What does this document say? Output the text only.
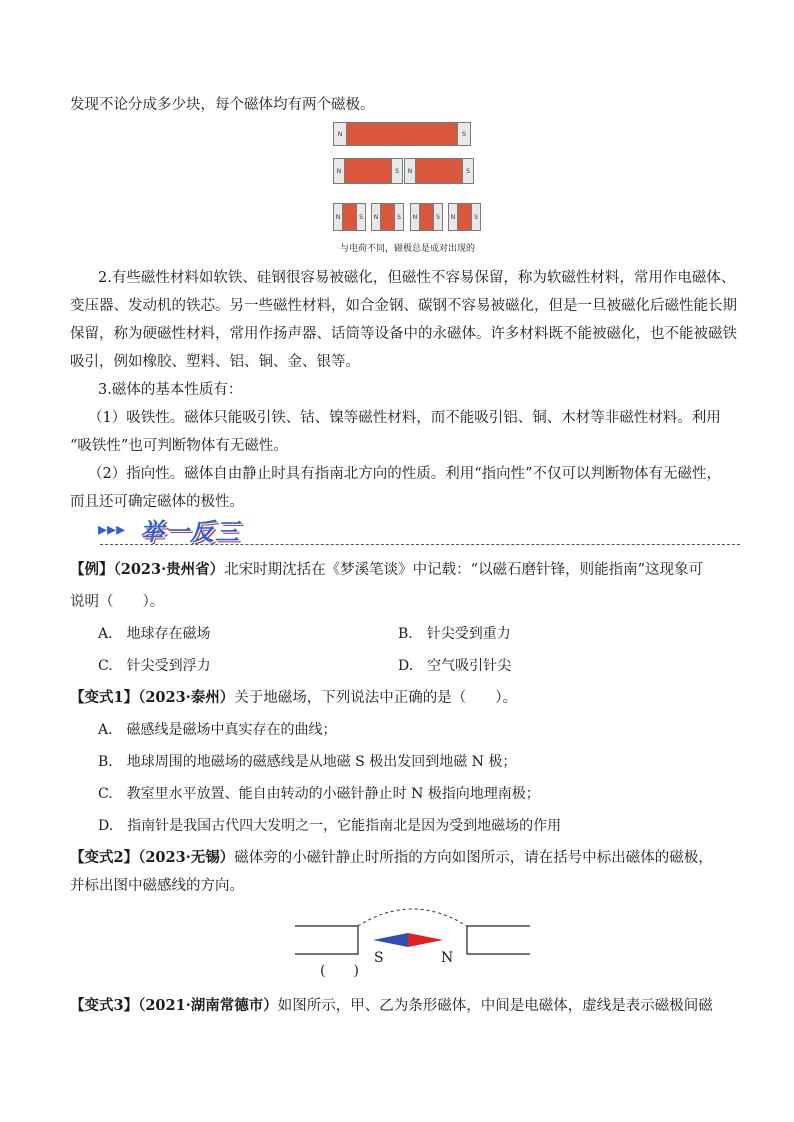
发现不论分成多少块，每个磁体均有两个磁极。
N	S
N	S	N	S
N	S	N	S	N	S	N	S
与电荷不同，磁极总是成对出现的
2.有些磁性材料如软铁、硅钢很容易被磁化，但磁性不容易保留，称为软磁性材料，常用作电磁体、
变压器、发动机的铁芯。另一些磁性材料，如合金钢、碳钢不容易被磁化，但是一旦被磁化后磁性能长期
保留，称为硬磁性材料，常用作扬声器、话筒等设备中的永磁体。许多材料既不能被磁化，也不能被磁铁
吸引，例如橡胶、塑料、铝、铜、金、银等。
3.磁体的基本性质有：
（1）吸铁性。磁体只能吸引铁、钴、镍等磁性材料，而不能吸引铝、铜、木材等非磁性材料。利用
“吸铁性”也可判断物体有无磁性。
（2）指向性。磁体自由静止时具有指南北方向的性质。利用“指向性”不仅可以判断物体有无磁性，
而且还可确定磁体的极性。
▸▸▸ 举一反三
【例】（2023·贵州省）北宋时期沈括在《梦溪笔谈》中记载：“以磁石磨针锋，则能指南”这现象可
说明（　　）。
A.　地球存在磁场	B.　针尖受到重力
C.　针尖受到浮力	D.　空气吸引针尖
【变式1】（2023·泰州）关于地磁场，下列说法中正确的是（　　）。
A.　磁感线是磁场中真实存在的曲线；
B.　地球周围的地磁场的磁感线是从地磁 S 极出发回到地磁 N 极；
C.　教室里水平放置、能自由转动的小磁针静止时 N 极指向地理南极；
D.　指南针是我国古代四大发明之一，它能指南北是因为受到地磁场的作用
【变式2】（2023·无锡）磁体旁的小磁针静止时所指的方向如图所示，请在括号中标出磁体的磁极，
并标出图中磁感线的方向。
(　　)
S	N
【变式3】（2021·湖南常德市）如图所示，甲、乙为条形磁体，中间是电磁体，虚线是表示磁极间磁
